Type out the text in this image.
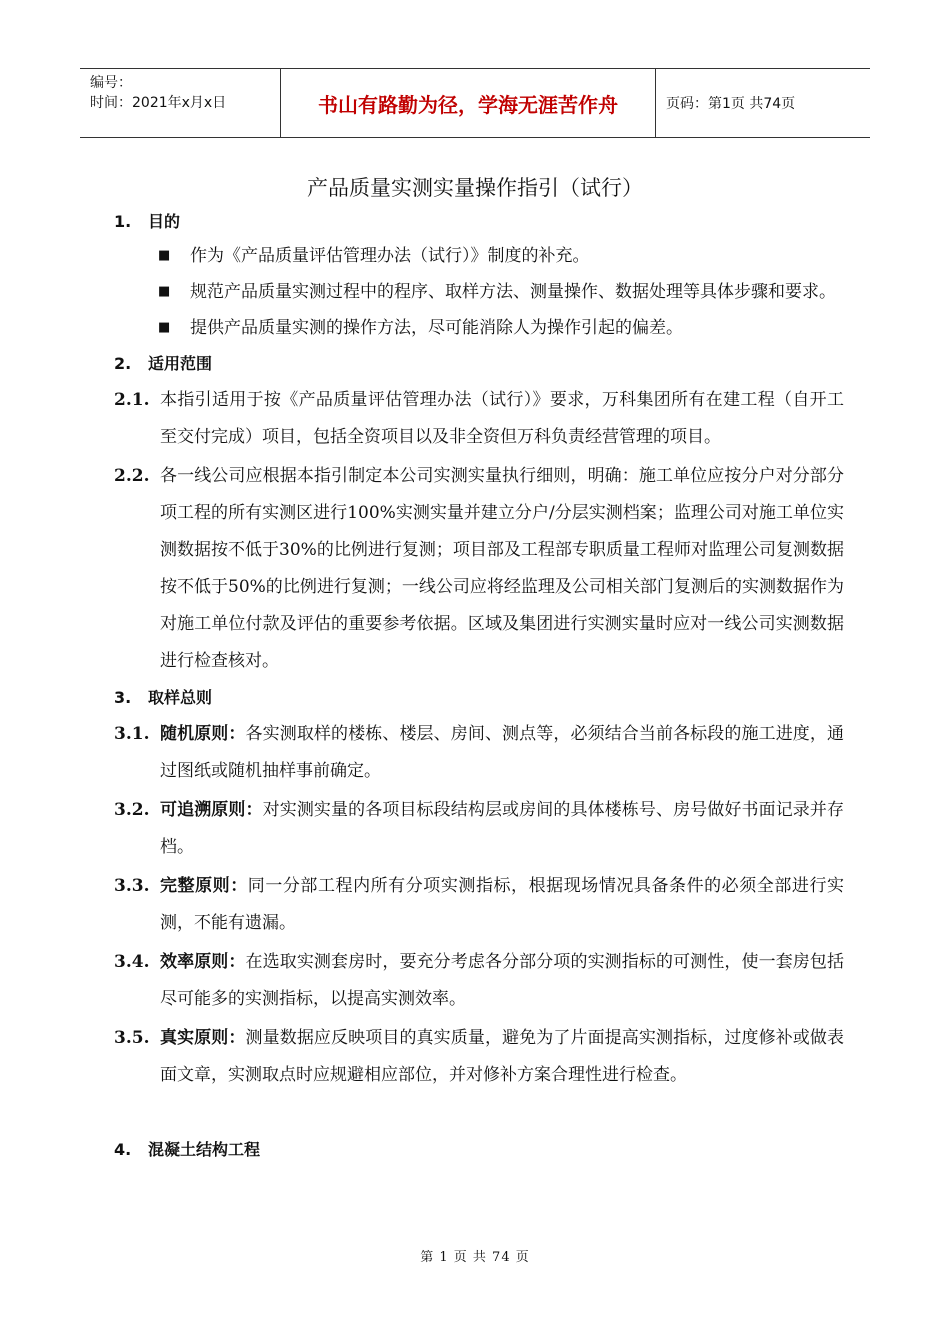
编号：
时间：2021年x月x日	书山有路勤为径，学海无涯苦作舟	页码：第1页 共74页
产品质量实测实量操作指引（试行）
1.	目的
■	作为《产品质量评估管理办法（试行）》制度的补充。
■	规范产品质量实测过程中的程序、取样方法、测量操作、数据处理等具体步骤和要求。
■	提供产品质量实测的操作方法，尽可能消除人为操作引起的偏差。
2.	适用范围
2.1. 本指引适用于按《产品质量评估管理办法（试行）》要求，万科集团所有在建工程（自开工至交付完成）项目，包括全资项目以及非全资但万科负责经营管理的项目。
2.2. 各一线公司应根据本指引制定本公司实测实量执行细则，明确：施工单位应按分户对分部分项工程的所有实测区进行100%实测实量并建立分户/分层实测档案；监理公司对施工单位实测数据按不低于30%的比例进行复测；项目部及工程部专职质量工程师对监理公司复测数据按不低于50%的比例进行复测；一线公司应将经监理及公司相关部门复测后的实测数据作为对施工单位付款及评估的重要参考依据。区域及集团进行实测实量时应对一线公司实测数据进行检查核对。
3.	取样总则
3.1. 随机原则：各实测取样的楼栋、楼层、房间、测点等，必须结合当前各标段的施工进度，通过图纸或随机抽样事前确定。
3.2. 可追溯原则：对实测实量的各项目标段结构层或房间的具体楼栋号、房号做好书面记录并存档。
3.3. 完整原则：同一分部工程内所有分项实测指标，根据现场情况具备条件的必须全部进行实测，不能有遗漏。
3.4. 效率原则：在选取实测套房时，要充分考虑各分部分项的实测指标的可测性，使一套房包括尽可能多的实测指标，以提高实测效率。
3.5. 真实原则：测量数据应反映项目的真实质量，避免为了片面提高实测指标，过度修补或做表面文章，实测取点时应规避相应部位，并对修补方案合理性进行检查。
4.	混凝土结构工程
第 1 页 共 74 页
